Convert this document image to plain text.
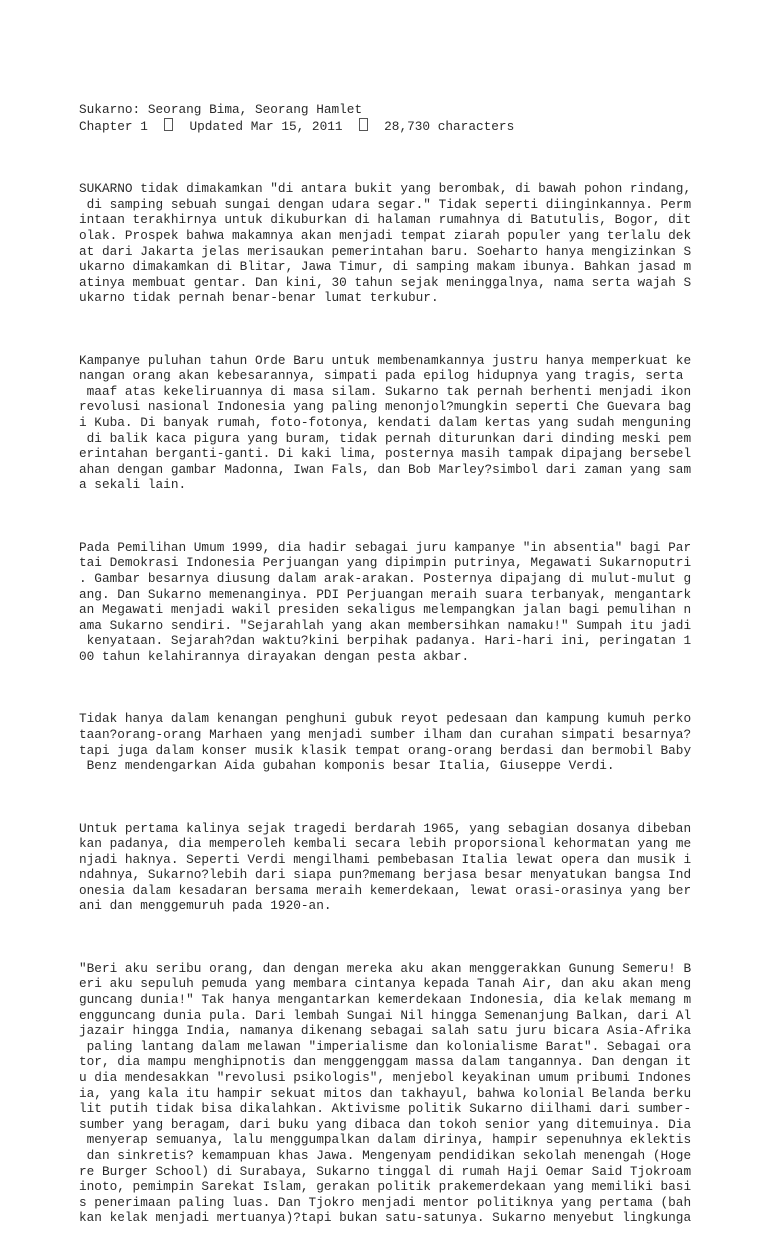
Sukarno: Seorang Bima, Seorang Hamlet
Chapter 1	Updated Mar 15, 2011	28,730 characters

SUKARNO tidak dimakamkan "di antara bukit yang berombak, di bawah pohon rindang,
di samping sebuah sungai dengan udara segar." Tidak seperti diinginkannya. Perm
intaan terakhirnya untuk dikuburkan di halaman rumahnya di Batutulis, Bogor, dit
olak. Prospek bahwa makamnya akan menjadi tempat ziarah populer yang terlalu dek
at dari Jakarta jelas merisaukan pemerintahan baru. Soeharto hanya mengizinkan S
ukarno dimakamkan di Blitar, Jawa Timur, di samping makam ibunya. Bahkan jasad m
atinya membuat gentar. Dan kini, 30 tahun sejak meninggalnya, nama serta wajah S
ukarno tidak pernah benar-benar lumat terkubur.

Kampanye puluhan tahun Orde Baru untuk membenamkannya justru hanya memperkuat ke
nangan orang akan kebesarannya, simpati pada epilog hidupnya yang tragis, serta
maaf atas kekeliruannya di masa silam. Sukarno tak pernah berhenti menjadi ikon
revolusi nasional Indonesia yang paling menonjol?mungkin seperti Che Guevara bag
i Kuba. Di banyak rumah, foto-fotonya, kendati dalam kertas yang sudah menguning
di balik kaca pigura yang buram, tidak pernah diturunkan dari dinding meski pem
erintahan berganti-ganti. Di kaki lima, posternya masih tampak dipajang bersebel
ahan dengan gambar Madonna, Iwan Fals, dan Bob Marley?simbol dari zaman yang sam
a sekali lain.

Pada Pemilihan Umum 1999, dia hadir sebagai juru kampanye "in absentia" bagi Par
tai Demokrasi Indonesia Perjuangan yang dipimpin putrinya, Megawati Sukarnoputri
. Gambar besarnya diusung dalam arak-arakan. Posternya dipajang di mulut-mulut g
ang. Dan Sukarno memenanginya. PDI Perjuangan meraih suara terbanyak, mengantark
an Megawati menjadi wakil presiden sekaligus melempangkan jalan bagi pemulihan n
ama Sukarno sendiri. "Sejarahlah yang akan membersihkan namaku!" Sumpah itu jadi
kenyataan. Sejarah?dan waktu?kini berpihak padanya. Hari-hari ini, peringatan 1
00 tahun kelahirannya dirayakan dengan pesta akbar.

Tidak hanya dalam kenangan penghuni gubuk reyot pedesaan dan kampung kumuh perko
taan?orang-orang Marhaen yang menjadi sumber ilham dan curahan simpati besarnya?
tapi juga dalam konser musik klasik tempat orang-orang berdasi dan bermobil Baby
Benz mendengarkan Aida gubahan komponis besar Italia, Giuseppe Verdi.

Untuk pertama kalinya sejak tragedi berdarah 1965, yang sebagian dosanya dibeban
kan padanya, dia memperoleh kembali secara lebih proporsional kehormatan yang me
njadi haknya. Seperti Verdi mengilhami pembebasan Italia lewat opera dan musik i
ndahnya, Sukarno?lebih dari siapa pun?memang berjasa besar menyatukan bangsa Ind
onesia dalam kesadaran bersama meraih kemerdekaan, lewat orasi-orasinya yang ber
ani dan menggemuruh pada 1920-an.

"Beri aku seribu orang, dan dengan mereka aku akan menggerakkan Gunung Semeru! B
eri aku sepuluh pemuda yang membara cintanya kepada Tanah Air, dan aku akan meng
guncang dunia!" Tak hanya mengantarkan kemerdekaan Indonesia, dia kelak memang m
engguncang dunia pula. Dari lembah Sungai Nil hingga Semenanjung Balkan, dari Al
jazair hingga India, namanya dikenang sebagai salah satu juru bicara Asia-Afrika
paling lantang dalam melawan "imperialisme dan kolonialisme Barat". Sebagai ora
tor, dia mampu menghipnotis dan menggenggam massa dalam tangannya. Dan dengan it
u dia mendesakkan "revolusi psikologis", menjebol keyakinan umum pribumi Indones
ia, yang kala itu hampir sekuat mitos dan takhayul, bahwa kolonial Belanda berku
lit putih tidak bisa dikalahkan. Aktivisme politik Sukarno diilhami dari sumber-
sumber yang beragam, dari buku yang dibaca dan tokoh senior yang ditemuinya. Dia
menyerap semuanya, lalu menggumpalkan dalam dirinya, hampir sepenuhnya eklektis
dan sinkretis? kemampuan khas Jawa. Mengenyam pendidikan sekolah menengah (Hoge
re Burger School) di Surabaya, Sukarno tinggal di rumah Haji Oemar Said Tjokroam
inoto, pemimpin Sarekat Islam, gerakan politik prakemerdekaan yang memiliki basi
s penerimaan paling luas. Dan Tjokro menjadi mentor politiknya yang pertama (bah
kan kelak menjadi mertuanya)?tapi bukan satu-satunya. Sukarno menyebut lingkunga
